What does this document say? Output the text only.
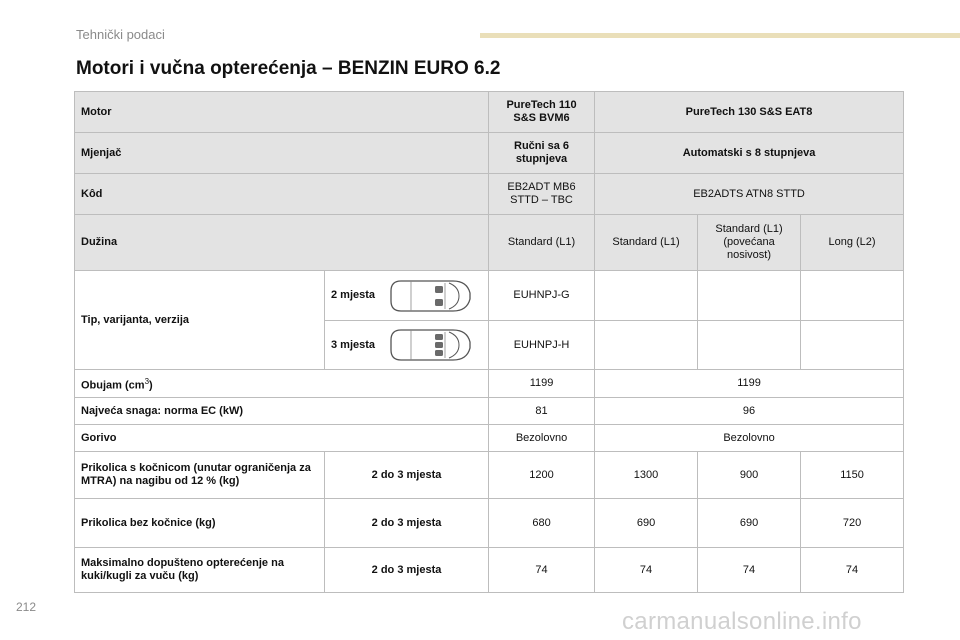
Tehnički podaci
Motori i vučna opterećenja – BENZIN EURO 6.2
Motor		PureTech 110 S&S BVM6	PureTech 130 S&S EAT8		
Mjenjač		Ručni sa 6 stupnjeva	Automatski s 8 stupnjeva		
Kôd		EB2ADT MB6 STTD – TBC	EB2ADTS ATN8 STTD		
Dužina		Standard (L1)	Standard (L1)	Standard (L1) (povećana nosivost)	Long (L2)
Tip, varijanta, verzija	2 mjesta	EUHNPJ-G			

	3 mjesta	EUHNPJ-H			
Obujam $(cm^3)$		1199	1199		
Najveća snaga: norma EC (kW)		81	96		
Gorivo		Bezolovno	Bezolovno		
Prikolica s kočnicom (unutar ograničenja za MTRA) na nagibu od 12 % (kg)	2 do 3 mjesta	1200	1300	900	1150
Prikolica bez kočnice (kg)	2 do 3 mjesta	680	690	690	720
Maksimalno dopušteno opterećenje na kuki/kugli za vuču (kg)	2 do 3 mjesta	74	74	74	74
212
carmanualsonline.info
